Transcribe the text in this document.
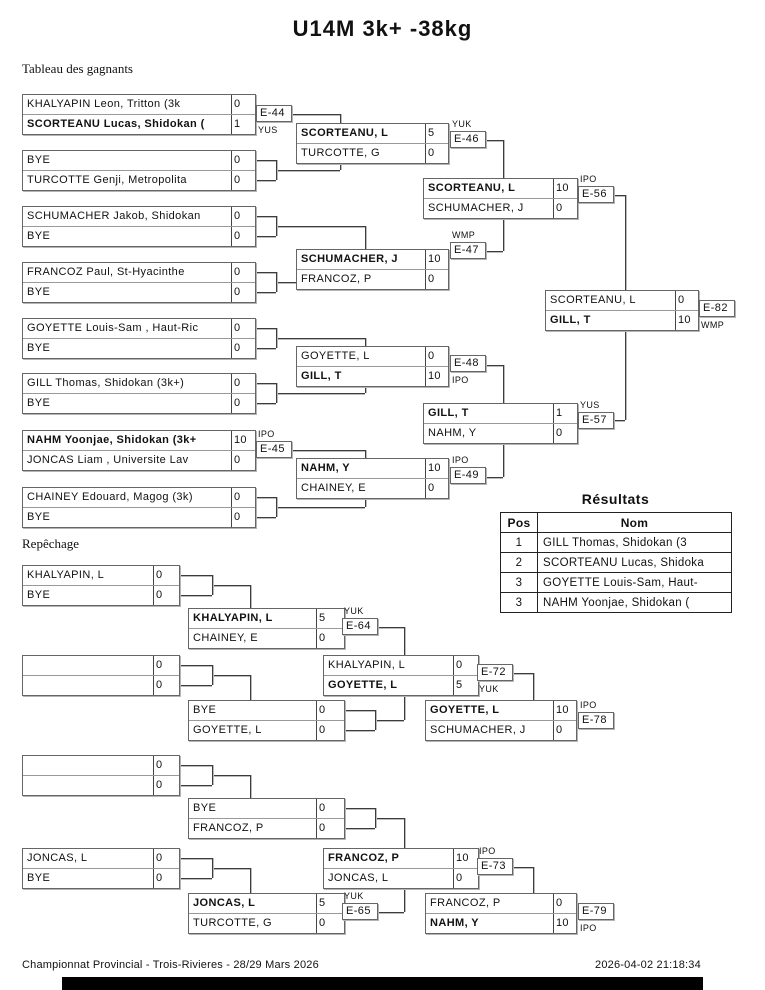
U14M 3k+ -38kg
Tableau des gagnants
Repêchage
KHALYAPIN Leon, Tritton (3k	0
SCORTEANU Lucas, Shidokan (	1
BYE	0
TURCOTTE Genji, Metropolita	0
SCHUMACHER Jakob, Shidokan	0
BYE	0
FRANCOZ Paul, St-Hyacinthe	0
BYE	0
GOYETTE Louis-Sam , Haut-Ric	0
BYE	0
GILL Thomas, Shidokan (3k+)	0
BYE	0
NAHM Yoonjae, Shidokan (3k+	10
JONCAS Liam , Universite Lav	0
CHAINEY Edouard, Magog (3k)	0
BYE	0
SCORTEANU, L	5
TURCOTTE, G	0
SCHUMACHER, J	10
FRANCOZ, P	0
GOYETTE, L	0
GILL, T	10
NAHM, Y	10
CHAINEY, E	0
SCORTEANU, L	10
SCHUMACHER, J	0
GILL, T	1
NAHM, Y	0
SCORTEANU, L	0
GILL, T	10
KHALYAPIN, L	0
BYE	0
0
0
0
0
JONCAS, L	0
BYE	0
KHALYAPIN, L	5
CHAINEY, E	0
BYE	0
GOYETTE, L	0
BYE	0
FRANCOZ, P	0
JONCAS, L	5
TURCOTTE, G	0
KHALYAPIN, L	0
GOYETTE, L	5
FRANCOZ, P	10
JONCAS, L	0
GOYETTE, L	10
SCHUMACHER, J	0
FRANCOZ, P	0
NAHM, Y	10
E-44
YUS
E-45
IPO
E-46
YUK
E-47
WMP
E-48
IPO
E-49
IPO
E-56
IPO
E-57
YUS
E-82
WMP
E-64
YUK
E-65
YUK
E-72
YUK
E-73
IPO
E-78
IPO
E-79
IPO
Résultats
Pos	Nom
1	GILL Thomas, Shidokan (3
2	SCORTEANU Lucas, Shidoka
3	GOYETTE Louis-Sam, Haut-
3	NAHM Yoonjae, Shidokan (
Championnat Provincial - Trois-Rivieres - 28/29 Mars 2026	2026-04-02 21:18:34
